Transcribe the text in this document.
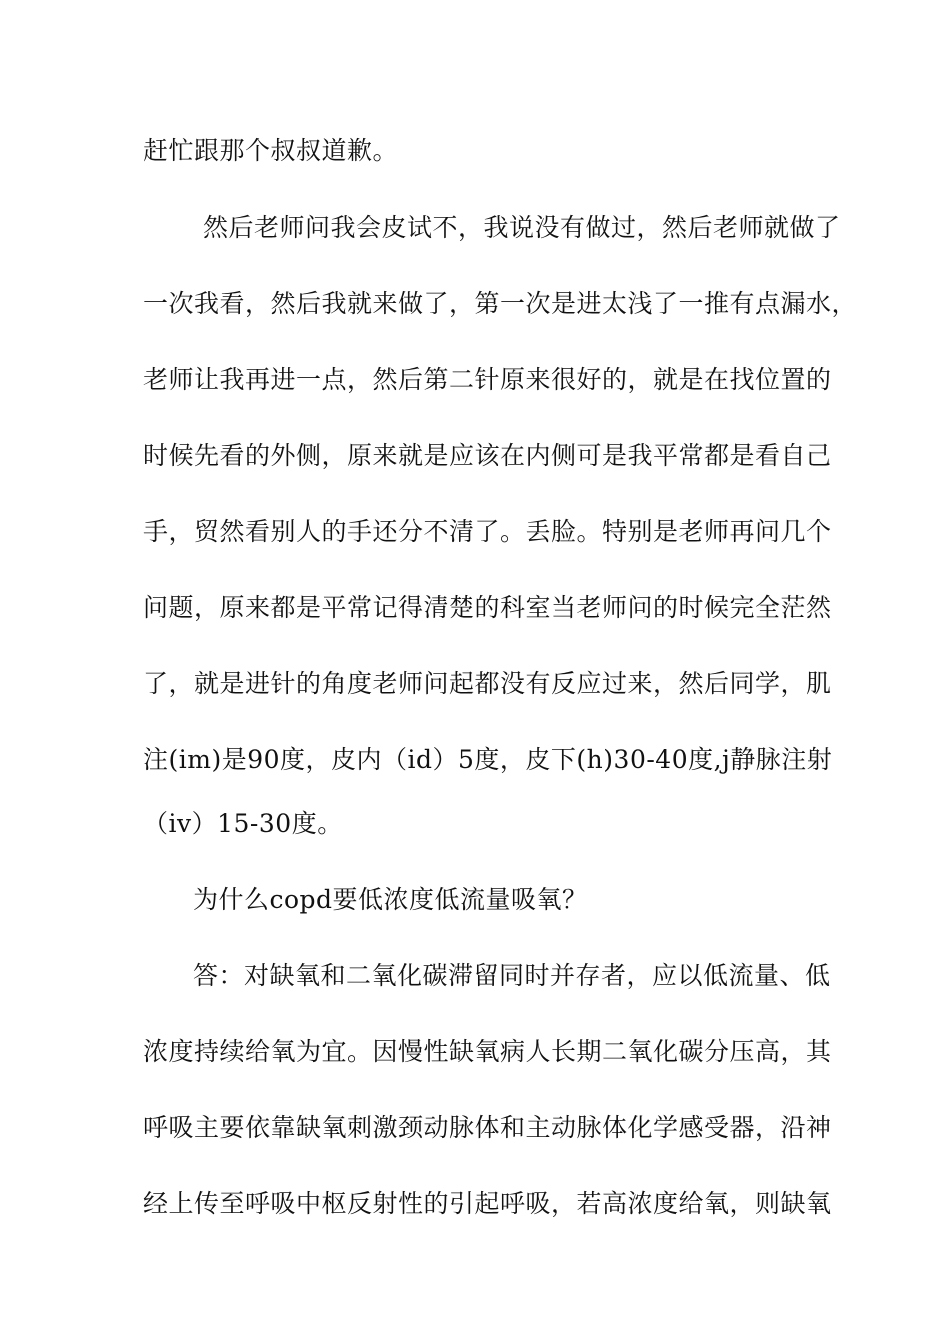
赶忙跟那个叔叔道歉。
然后老师问我会皮试不，我说没有做过，然后老师就做了
一次我看，然后我就来做了，第一次是进太浅了一推有点漏水，
老师让我再进一点，然后第二针原来很好的，就是在找位置的
时候先看的外侧，原来就是应该在内侧可是我平常都是看自己
手，贸然看别人的手还分不清了。丢脸。特别是老师再问几个
问题，原来都是平常记得清楚的科室当老师问的时候完全茫然
了，就是进针的角度老师问起都没有反应过来，然后同学，肌
注(im)是90度，皮内（id）5度，皮下(h)30-40度,j静脉注射
（iv）15-30度。
为什么copd要低浓度低流量吸氧？
答：对缺氧和二氧化碳滞留同时并存者，应以低流量、低
浓度持续给氧为宜。因慢性缺氧病人长期二氧化碳分压高，其
呼吸主要依靠缺氧刺激颈动脉体和主动脉体化学感受器，沿神
经上传至呼吸中枢反射性的引起呼吸，若高浓度给氧，则缺氧
